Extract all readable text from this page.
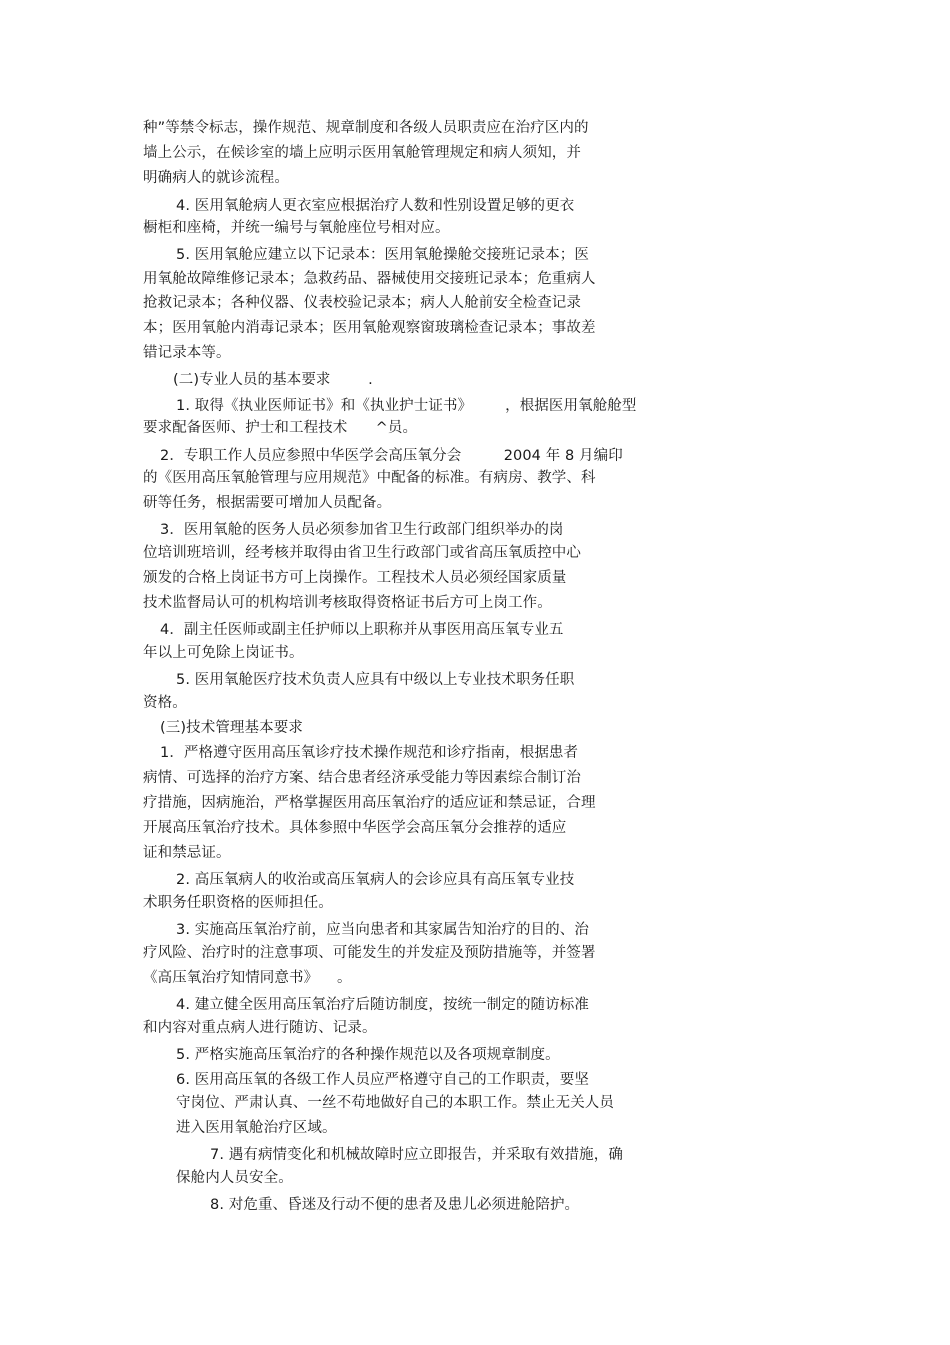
种”等禁令标志，操作规范、规章制度和各级人员职责应在治疗区内的

墙上公示，在候诊室的墙上应明示医用氧舱管理规定和病人须知，并

明确病人的就诊流程。

4. 医用氧舱病人更衣室应根据治疗人数和性别设置足够的更衣

橱柜和座椅，并统一编号与氧舱座位号相对应。

5. 医用氧舱应建立以下记录本：医用氧舱操舱交接班记录本；医

用氧舱故障维修记录本；急救药品、器械使用交接班记录本；危重病人

抢救记录本；各种仪器、仪表校验记录本；病人人舱前安全检查记录

本；医用氧舱内消毒记录本；医用氧舱观察窗玻璃检查记录本；事故差

错记录本等。

(二)专业人员的基本要求        .

1. 取得《执业医师证书》和《执业护士证书》       ，根据医用氧舱舱型

要求配备医师、护士和工程技术      ^员。

2．专职工作人员应参照中华医学会高压氧分会         2004 年 8 月编印

的《医用高压氧舱管理与应用规范》中配备的标准。有病房、教学、科

研等任务，根据需要可增加人员配备。

3．医用氧舱的医务人员必须参加省卫生行政部门组织举办的岗

位培训班培训，经考核并取得由省卫生行政部门或省高压氧质控中心

颁发的合格上岗证书方可上岗操作。工程技术人员必须经国家质量

技术监督局认可的机构培训考核取得资格证书后方可上岗工作。

4．副主任医师或副主任护师以上职称并从事医用高压氧专业五

年以上可免除上岗证书。

5. 医用氧舱医疗技术负责人应具有中级以上专业技术职务任职

资格。

(三)技术管理基本要求

1．严格遵守医用高压氧诊疗技术操作规范和诊疗指南，根据患者

病情、可选择的治疗方案、结合患者经济承受能力等因素综合制订治

疗措施，因病施治，严格掌握医用高压氧治疗的适应证和禁忌证，合理

开展高压氧治疗技术。具体参照中华医学会高压氧分会推荐的适应

证和禁忌证。

2. 高压氧病人的收治或高压氧病人的会诊应具有高压氧专业技

术职务任职资格的医师担任。

3. 实施高压氧治疗前，应当向患者和其家属告知治疗的目的、治

疗风险、治疗时的注意事项、可能发生的并发症及预防措施等，并签署

《高压氧治疗知情同意书》    。

4. 建立健全医用高压氧治疗后随访制度，按统一制定的随访标准

和内容对重点病人进行随访、记录。

5. 严格实施高压氧治疗的各种操作规范以及各项规章制度。

6. 医用高压氧的各级工作人员应严格遵守自己的工作职责，要坚

守岗位、严肃认真、一丝不苟地做好自己的本职工作。禁止无关人员

进入医用氧舱治疗区域。

7. 遇有病情变化和机械故障时应立即报告，并采取有效措施，确

保舱内人员安全。

8. 对危重、昏迷及行动不便的患者及患儿必须进舱陪护。
